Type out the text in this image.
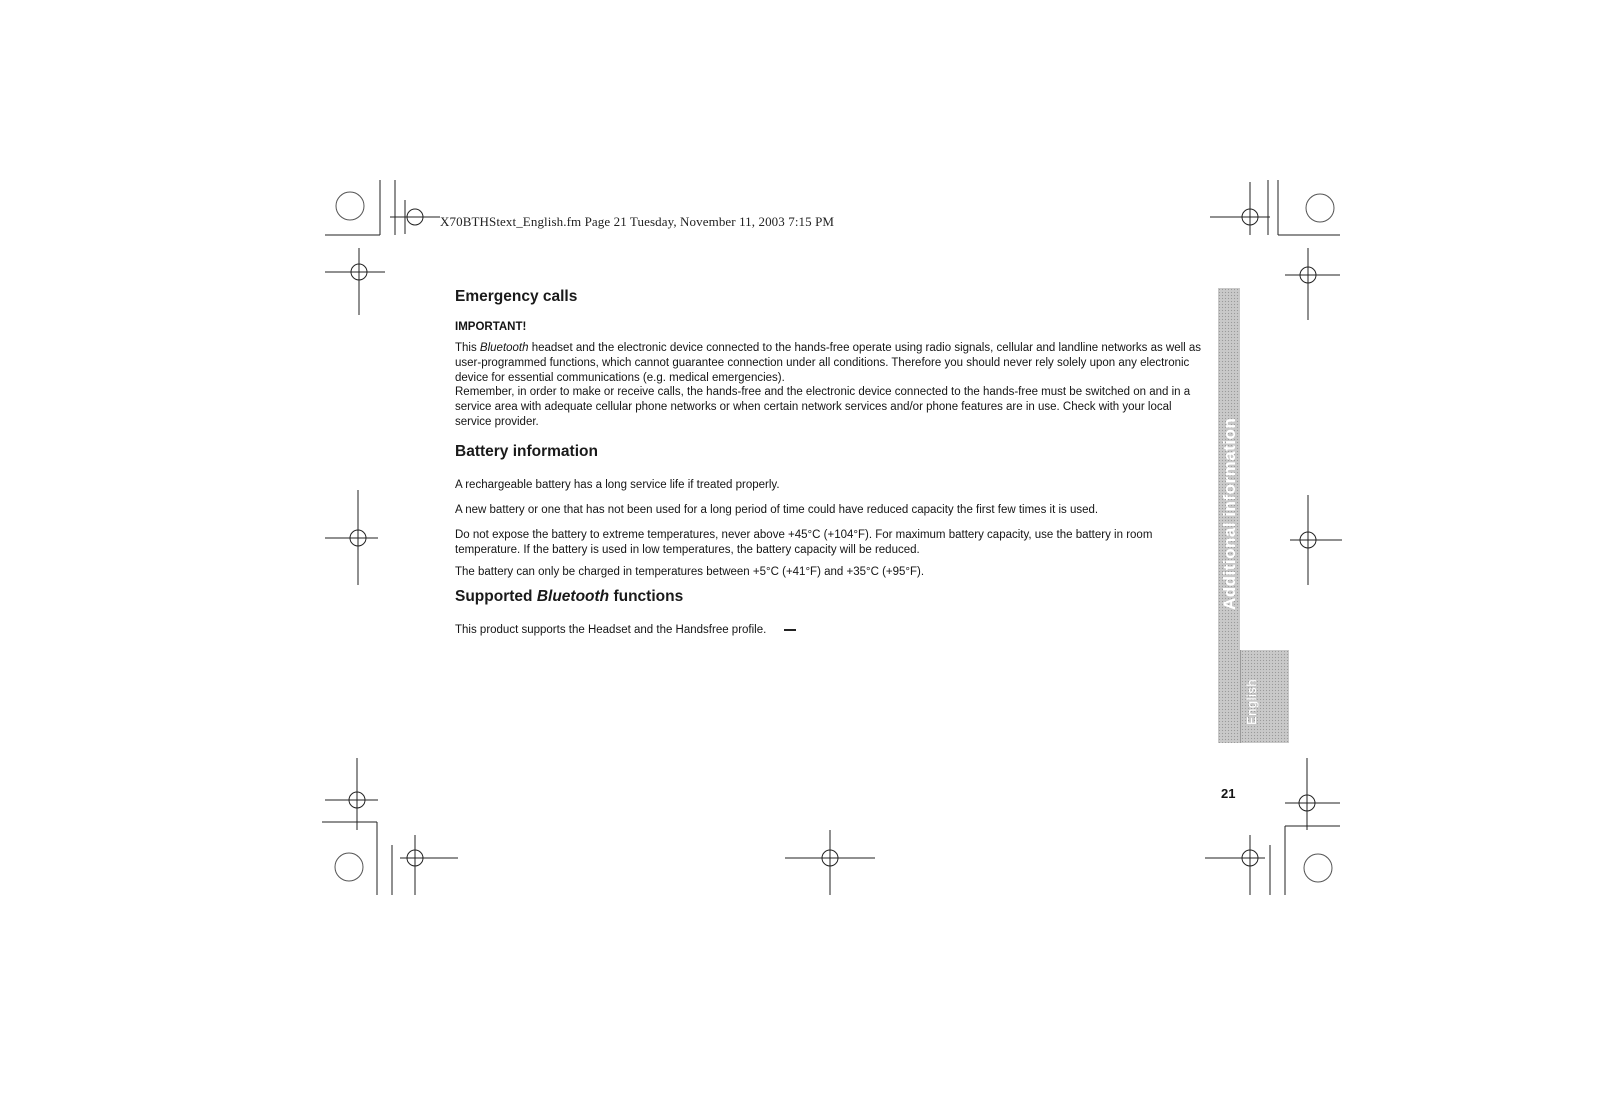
X70BTHStext_English.fm Page 21 Tuesday, November 11, 2003 7:15 PM
Additional information
English
Emergency calls
IMPORTANT!
This Bluetooth headset and the electronic device connected to the hands-free operate using radio signals, cellular and landline networks as well as user-programmed functions, which cannot guarantee connection under all conditions. Therefore you should never rely solely upon any electronic device for essential communications (e.g. medical emergencies).
Remember, in order to make or receive calls, the hands-free and the electronic device connected to the hands-free must be switched on and in a service area with adequate cellular phone networks or when certain network services and/or phone features are in use. Check with your local service provider.
Battery information
A rechargeable battery has a long service life if treated properly.
A new battery or one that has not been used for a long period of time could have reduced capacity the first few times it is used.
Do not expose the battery to extreme temperatures, never above +45°C (+104°F). For maximum battery capacity, use the battery in room temperature. If the battery is used in low temperatures, the battery capacity will be reduced.
The battery can only be charged in temperatures between +5°C (+41°F) and +35°C (+95°F).
Supported Bluetooth functions
This product supports the Headset and the Handsfree profile.
21
